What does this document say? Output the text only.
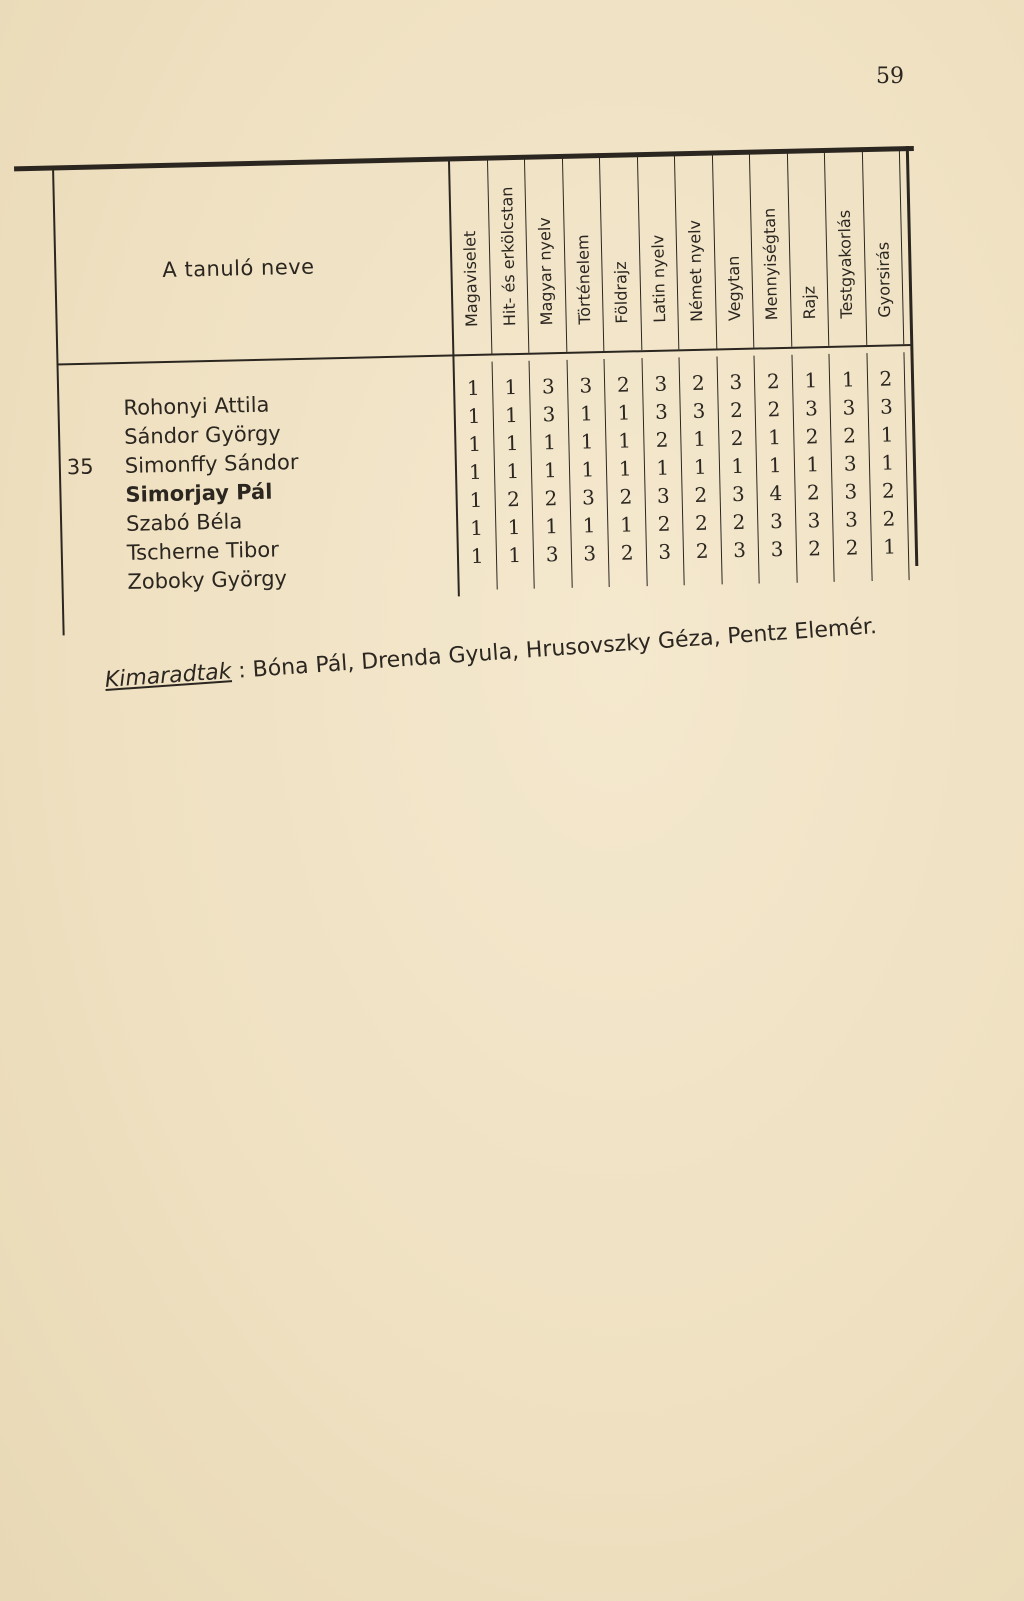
59
A tanuló neve	Magaviselet Hit- és erkölcstan Magyar nyelv Történelem Földrajz Latin nyelv Német nyelv Vegytan Mennyiségtan Rajz Testgyakorlás Gyorsirás
Rohonyi Attila
Sándor György
35 Simonffy Sándor
Simorjay Pál
Szabó Béla
Tscherne Tibor
Zoboky György
1
1
1
1
1
1
1
1
1
1
1
2
1
1
3
3
1
1
2
1
3
3
1
1
1
3
1
3
2
1
1
1
2
1
2
3
3
2
1
3
2
3
2
3
1
1
2
2
2
3
2
2
1
3
2
3
2
2
1
1
4
3
3
1
3
2
1
2
3
2
1
3
2
3
3
3
2
2
3
1
1
2
2
1
Kimaradtak : Bóna Pál, Drenda Gyula, Hrusovszky Géza, Pentz Elemér.
